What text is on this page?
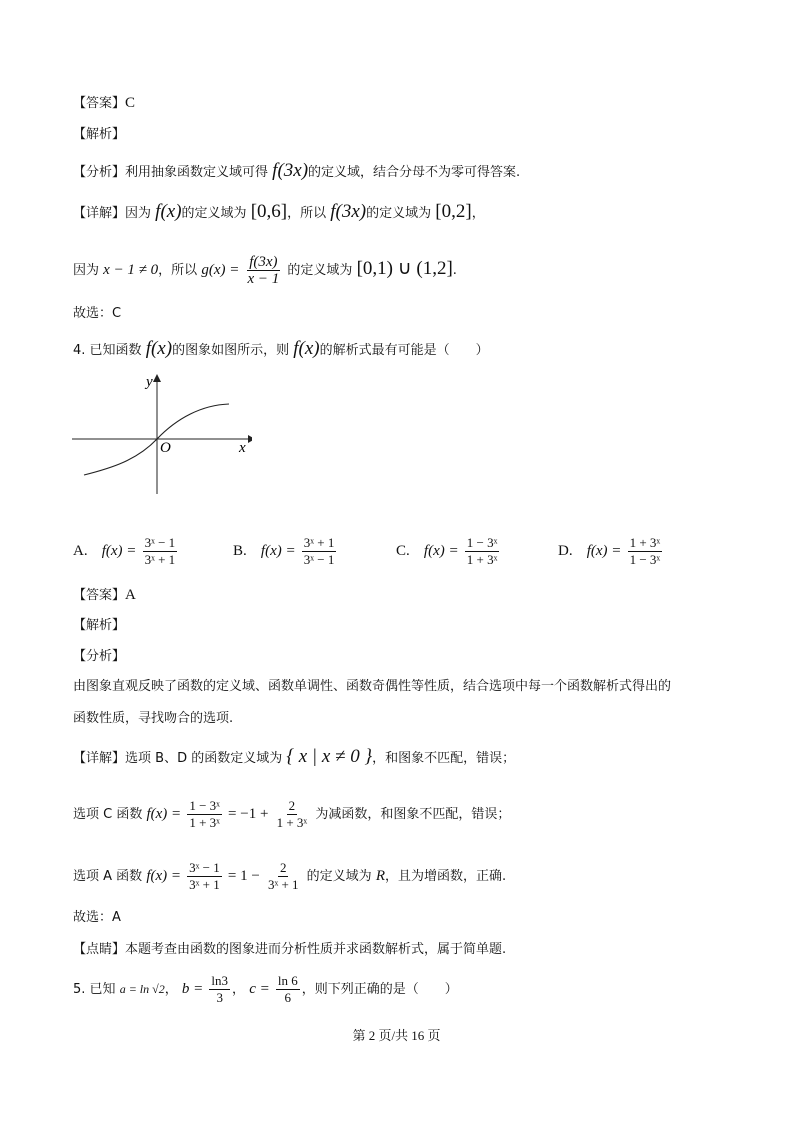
【答案】C
【解析】
【分析】利用抽象函数定义域可得 f(3x)的定义域，结合分母不为零可得答案.
【详解】因为 f(x)的定义域为 [0,6]，所以 f(3x)的定义域为 [0,2]，
因为 x − 1 ≠ 0，所以 $g(x) = \frac{f(3x)}{x - 1}$ 的定义域为 [0,1) ∪ (1,2].
故选：C
4. 已知函数 f(x)的图象如图所示，则 f(x)的解析式最有可能是（　　）
y
x
O
A. $f(x) = \frac{\text{3ˣ − 1}}{\text{3ˣ + 1}}$	B. $f(x) = \frac{\text{3ˣ + 1}}{\text{3ˣ − 1}}$	C. $f(x) = \frac{\text{1 − 3ˣ}}{\text{1 + 3ˣ}}$	D. $f(x) = \frac{\text{1 + 3ˣ}}{\text{1 − 3ˣ}}$
【答案】A
【解析】
【分析】
由图象直观反映了函数的定义域、函数单调性、函数奇偶性等性质，结合选项中每一个函数解析式得出的
函数性质，寻找吻合的选项.
【详解】选项 B、D 的函数定义域为 { x | x ≠ 0 }，和图象不匹配，错误；
选项 C 函数 $f(x) = \frac{\text{1 − 3ˣ}}{\text{1 + 3ˣ}} = -1 + \frac{2}{\text{1 + 3ˣ}}$ 为减函数，和图象不匹配，错误；
选项 A 函数 $f(x) = \frac{\text{3ˣ − 1}}{\text{3ˣ + 1}} = 1 - \frac{2}{\text{3ˣ + 1}}$ 的定义域为 R，且为增函数，正确.
故选：A
【点睛】本题考查由函数的图象进而分析性质并求函数解析式，属于简单题.
5. 已知 a = ln √2， $b = \frac{\ln 3}{3}$ ， $c = \frac{\ln 6}{6}$ ，则下列正确的是（　　）
第 2 页/共 16 页
